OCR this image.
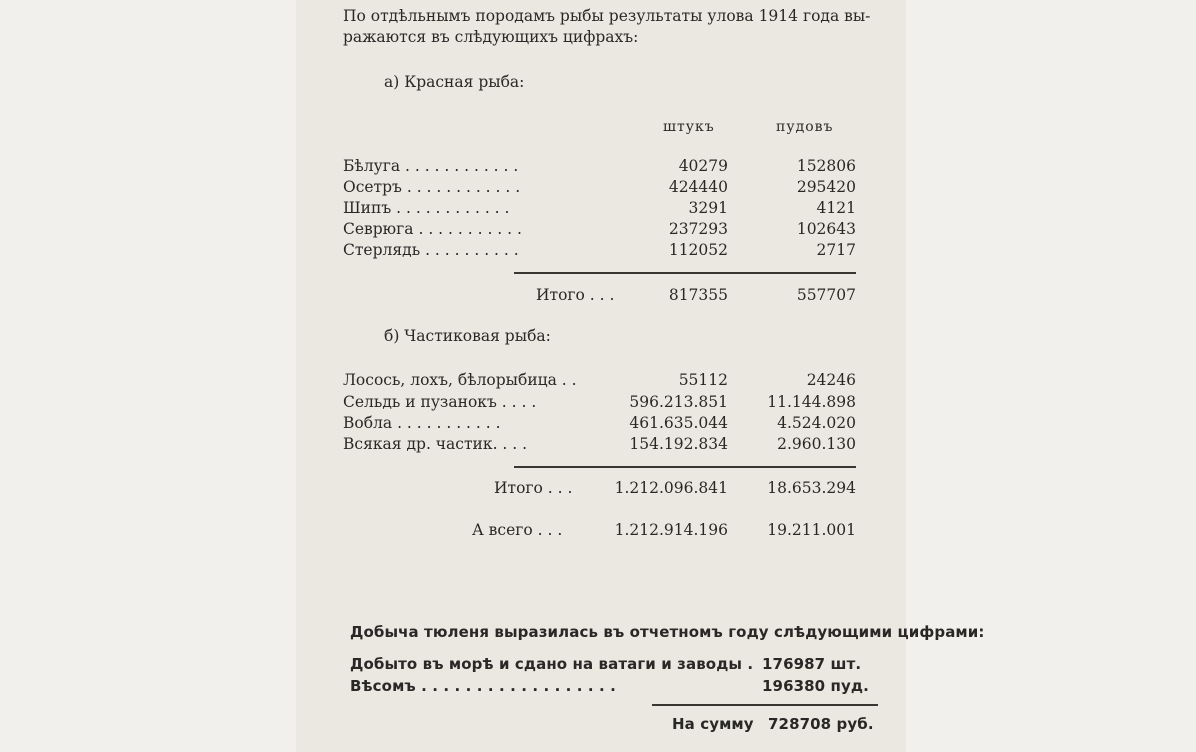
По отдѣльнымъ породамъ рыбы результаты улова 1914 года вы-
ражаются въ слѣдующихъ цифрахъ:
а) Красная рыба:
штукъ	пудовъ
Бѣлуга . . . . . . . . . . . .	40279	152806
Осетръ . . . . . . . . . . . .	424440	295420
Шипъ . . . . . . . . . . . .	3291	4121
Севрюга . . . . . . . . . . .	237293	102643
Стерлядь . . . . . . . . . .	112052	2717
Итого . . .	817355	557707
б) Частиковая рыба:
Лосось, лохъ, бѣлорыбица . .	55112	24246
Сельдь и пузанокъ . . . .	596.213.851	11.144.898
Вобла . . . . . . . . . . .	461.635.044	4.524.020
Всякая др. частик. . . .	154.192.834	2.960.130
Итого . . .	1.212.096.841	18.653.294
А всего . . .	1.212.914.196	19.211.001
Добыча тюленя выразилась въ отчетномъ году слѣдующими цифрами:
Добыто въ морѣ и сдано на ватаги и заводы . 176987 шт.
Вѣсомъ . . . . . . . . . . . . . . . . . .	196380 пуд.
На сумму 728708 руб.
